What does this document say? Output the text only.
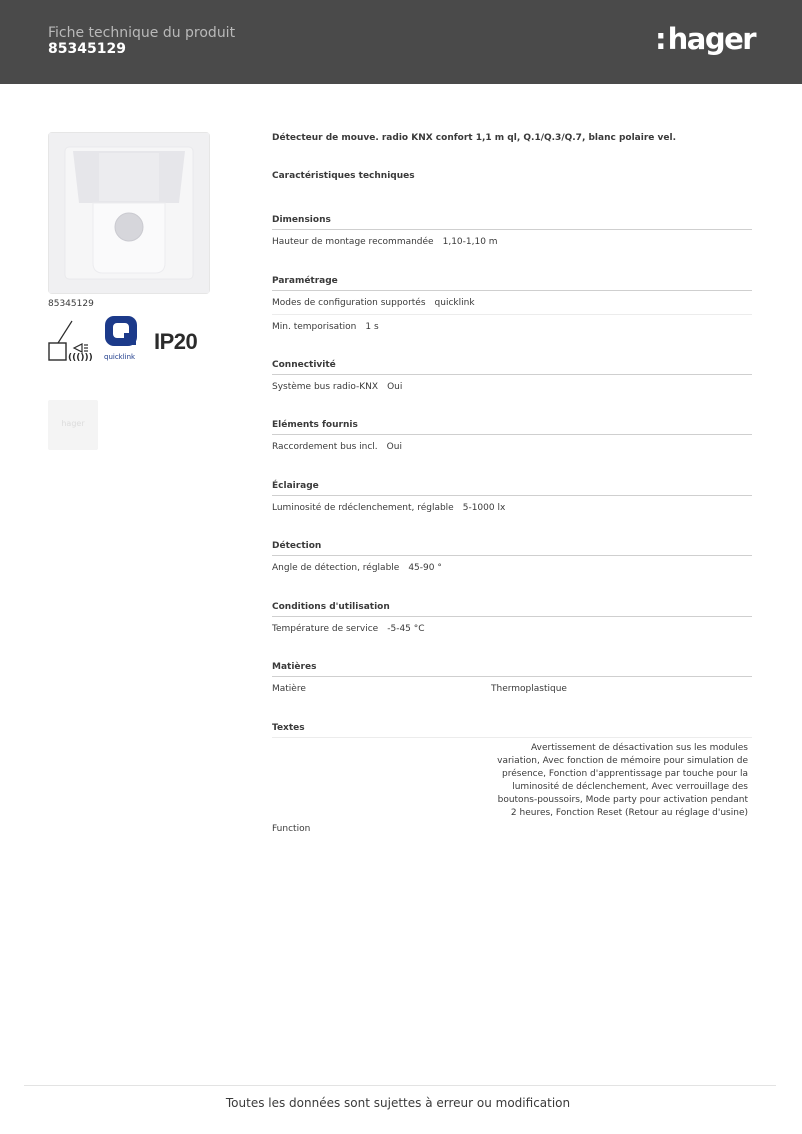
Fiche technique du produit
85345129	:hager
85345129
((())) quicklink
IP20
hager
Détecteur de mouve. radio KNX confort 1,1 m ql, Q.1/Q.3/Q.7, blanc polaire vel.
Caractéristiques techniques
Dimensions
Hauteur de montage recommandée 1,10-1,10 m
Paramétrage
Modes de configuration supportés quicklink
Min. temporisation 1 s
Connectivité
Système bus radio-KNX Oui
Eléments fournis
Raccordement bus incl. Oui
Éclairage
Luminosité de rdéclenchement, réglable 5-1000 lx
Détection
Angle de détection, réglable 45-90 °
Conditions d'utilisation
Température de service -5-45 °C
Matières
Matière	Thermoplastique
Textes
Function
Avertissement de désactivation sus les modules variation, Avec fonction de mémoire pour simulation de présence, Fonction d'apprentissage par touche pour la luminosité de déclenchement, Avec verrouillage des boutons-poussoirs, Mode party pour activation pendant 2 heures, Fonction Reset (Retour au réglage d'usine)
Toutes les données sont sujettes à erreur ou modification
